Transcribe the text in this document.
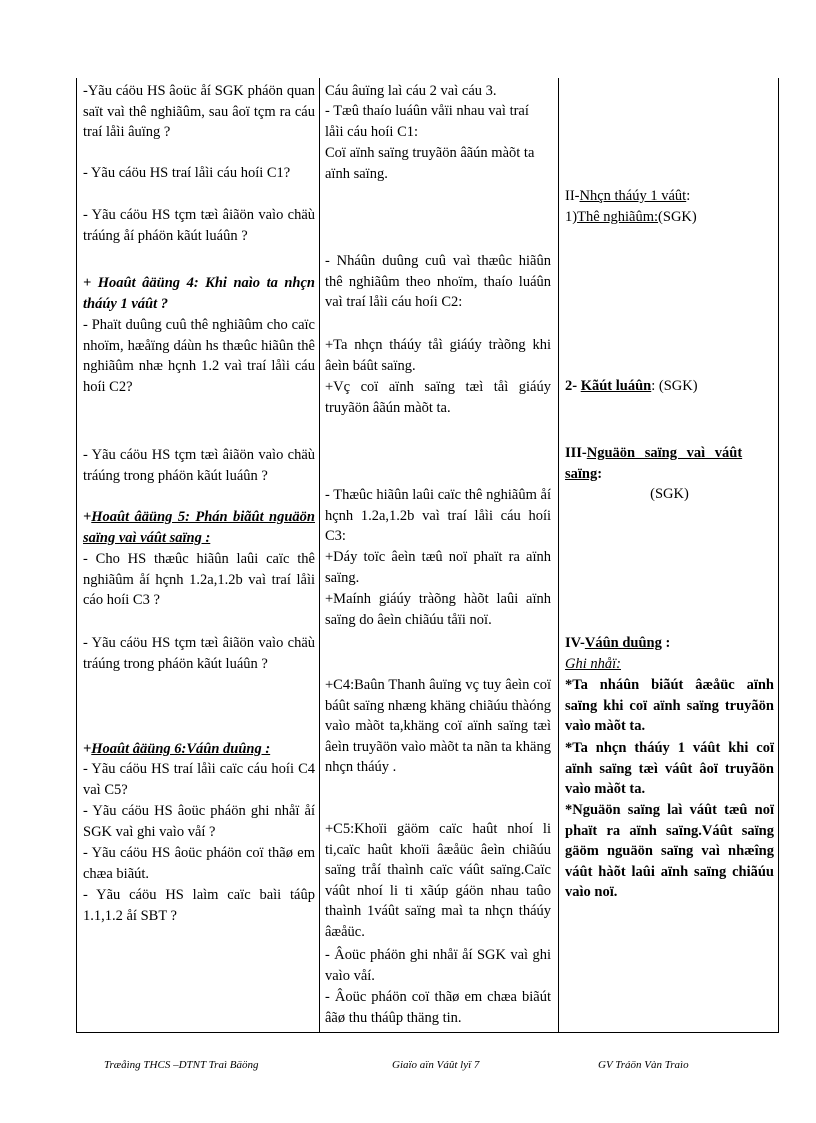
-Yãu cáöu HS âoüc åí SGK pháön quan saït vaì thê nghiãûm, sau âoï tçm ra cáu traí låìi âuïng ?
- Yãu cáöu HS traí låìi cáu hoíi C1?
- Yãu cáöu HS tçm tæì âiãön vaìo chäù tráúng åí pháön kãút luáûn ?
+ Hoaût âäüng 4: Khi naìo ta nhçn tháúy 1 váût ?
- Phaït duûng cuû thê nghiãûm cho caïc nhoïm, hæåïng dáùn hs thæûc hiãûn thê nghiãûm nhæ hçnh 1.2 vaì traí låìi cáu hoíi C2?
- Yãu cáöu HS tçm tæì âiãön vaìo chäù tráúng trong pháön kãút luáûn ?
+Hoaût âäüng 5: Phán biãût nguäön saïng vaì váût saïng :
- Cho HS thæûc hiãûn laûi caïc thê nghiãûm åí hçnh 1.2a,1.2b vaì traí låìi cáo hoíi C3 ?
- Yãu cáöu HS tçm tæì âiãön vaìo chäù tráúng trong pháön kãút luáûn ?
+Hoaût âäüng 6:Váûn duûng :
- Yãu cáöu HS traí låìi caïc cáu hoíi C4 vaì C5?
- Yãu cáöu HS âoüc pháön ghi nhåï åí SGK vaì ghi vaìo våí ?
- Yãu cáöu HS âoüc pháön coï thãø em chæa biãút.
- Yãu cáöu HS laìm caïc baìi táûp 1.1,1.2 åí SBT ?
Cáu âuïng laì cáu 2 vaì cáu 3.
- Tæû thaío luáûn våïi nhau vaì traí låìi cáu hoíi C1:
Coï aïnh saïng truyãön âãún màõt ta aïnh saïng.
- Nháûn duûng cuû vaì thæûc hiãûn thê nghiãûm theo nhoïm, thaío luáûn vaì traí låìi cáu hoíi C2:
+Ta nhçn tháúy tåì giáúy tràõng khi âeìn báût saïng.
+Vç coï aïnh saïng tæì tåì giáúy truyãön âãún màõt ta.
- Thæûc hiãûn laûi caïc thê nghiãûm åí hçnh 1.2a,1.2b vaì traí låìi cáu hoíi C3:
+Dáy toïc âeìn tæû noï phaït ra aïnh saïng.
+Maính giáúy tràõng hàõt laûi aïnh saïng do âeìn chiãúu tåïi noï.
+C4:Baûn Thanh âuïng vç tuy âeìn coï báût saïng nhæng khäng chiãúu thàóng vaìo màõt ta,khäng coï aïnh saïng tæì âeìn truyãön vaìo màõt ta nãn ta khäng nhçn tháúy .
+C5:Khoïi gäöm caïc haût nhoí li ti,caïc haût khoïi âæåüc âeìn chiãúu saïng tråí thaình caïc váût saïng.Caïc váût nhoí li ti xãúp gáön nhau taûo thaình 1váût saïng maì ta nhçn tháúy âæåüc.
- Âoüc pháön ghi nhåï åí SGK vaì ghi vaìo våí.
- Âoüc pháön coï thãø em chæa biãút âãø thu tháûp thäng tin.
II-Nhçn tháúy 1 váût:
1)Thê nghiãûm:(SGK)
2- Kãút luáûn: (SGK)
III-Nguäön saïng vaì váût saïng:
(SGK)
IV-Váûn duûng :
Ghi nhåï:
*Ta nháûn biãút âæåüc aïnh saïng khi coï aïnh saïng truyãön vaìo màõt ta.
*Ta nhçn tháúy 1 váût khi coï aïnh saïng tæì váût âoï truyãön vaìo màõt ta.
*Nguäön saïng laì váût tæû noï phaït ra aïnh saïng.Váût saïng gäöm nguäön saïng vaì nhæîng váût hàõt laûi aïnh saïng chiãúu vaìo noï.
Træåìng THCS –DTNT Traì Bäöng	Giaïo aïn Váût lyï 7	GV Tráön Vàn Traìo
